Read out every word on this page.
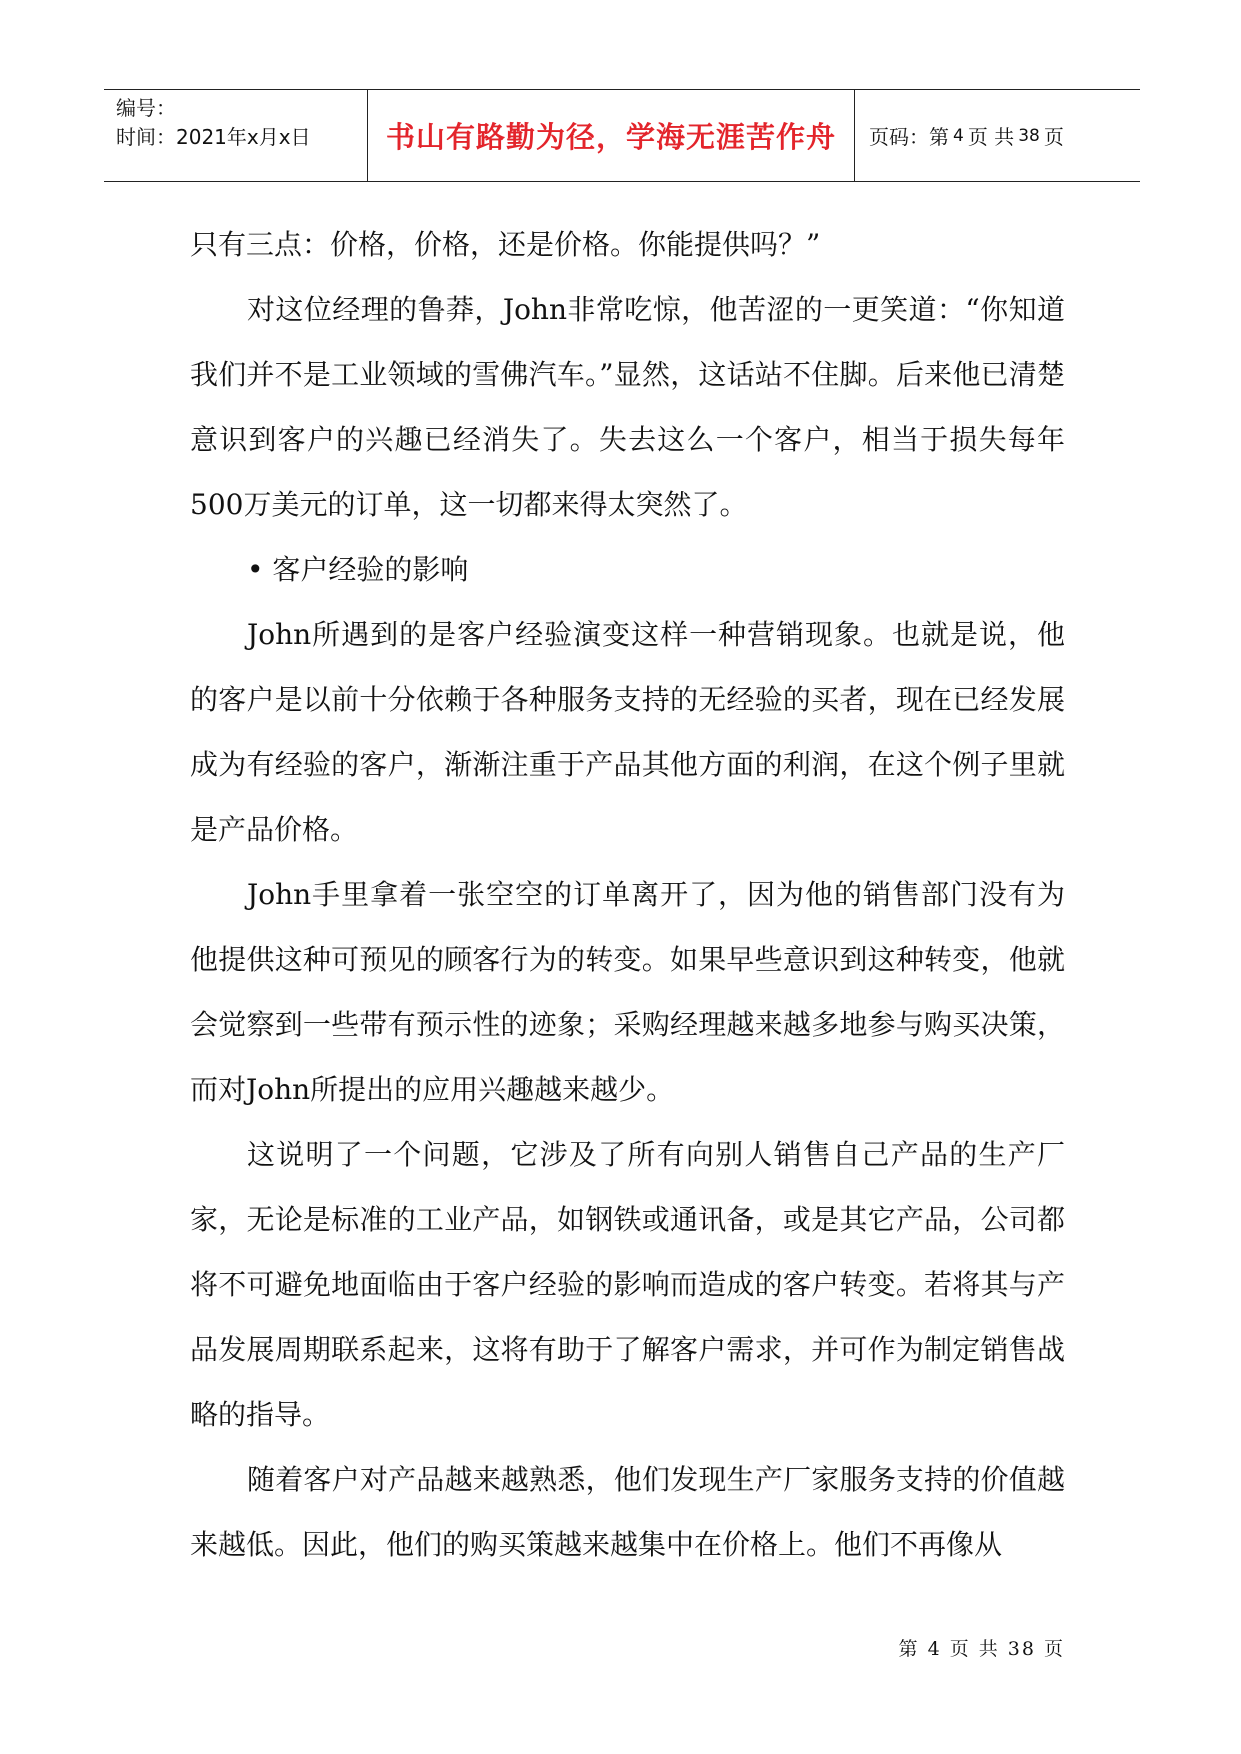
编号：
时间：2021年x月x日	书山有路勤为径，学海无涯苦作舟	页码：第 4 页 共 38 页

只有三点：价格，价格，还是价格。你能提供吗？”

对这位经理的鲁莽，John非常吃惊，他苦涩的一更笑道：“你知道我们并不是工业领域的雪佛汽车。”显然，这话站不住脚。后来他已清楚意识到客户的兴趣已经消失了。失去这么一个客户，相当于损失每年500万美元的订单，这一切都来得太突然了。

• 客户经验的影响

John所遇到的是客户经验演变这样一种营销现象。也就是说，他的客户是以前十分依赖于各种服务支持的无经验的买者，现在已经发展成为有经验的客户，渐渐注重于产品其他方面的利润，在这个例子里就是产品价格。

John手里拿着一张空空的订单离开了，因为他的销售部门没有为他提供这种可预见的顾客行为的转变。如果早些意识到这种转变，他就会觉察到一些带有预示性的迹象；采购经理越来越多地参与购买决策，而对John所提出的应用兴趣越来越少。

这说明了一个问题，它涉及了所有向别人销售自己产品的生产厂家，无论是标准的工业产品，如钢铁或通讯备，或是其它产品，公司都将不可避免地面临由于客户经验的影响而造成的客户转变。若将其与产品发展周期联系起来，这将有助于了解客户需求，并可作为制定销售战略的指导。

随着客户对产品越来越熟悉，他们发现生产厂家服务支持的价值越来越低。因此，他们的购买策越来越集中在价格上。他们不再像从

第 4 页 共 38 页
